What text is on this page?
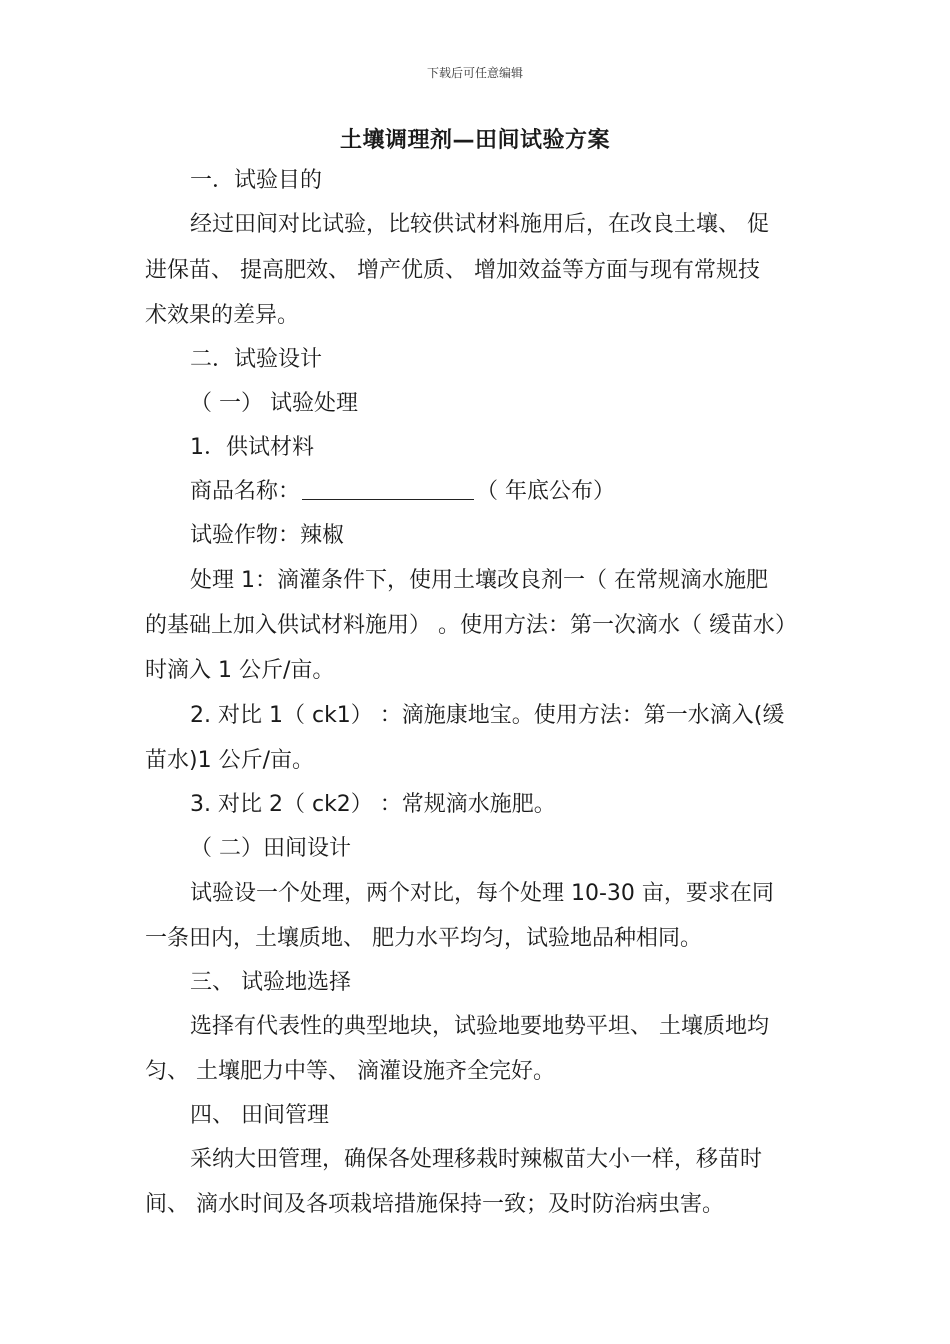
下载后可任意编辑
土壤调理剂—田间试验方案
一．试验目的
经过田间对比试验，比较供试材料施用后，在改良土壤、 促
进保苗、 提高肥效、 增产优质、 增加效益等方面与现有常规技
术效果的差异。
二．试验设计
（ 一） 试验处理
1．供试材料
商品名称：	（ 年底公布）
试验作物：辣椒
处理 1：滴灌条件下，使用土壤改良剂一（ 在常规滴水施肥
的基础上加入供试材料施用） 。使用方法：第一次滴水（ 缓苗水）
时滴入 1 公斤/亩。
2. 对比 1（ ck1） ：滴施康地宝。使用方法：第一水滴入(缓
苗水)1 公斤/亩。
3. 对比 2（ ck2） ：常规滴水施肥。
（ 二）田间设计
试验设一个处理，两个对比，每个处理 10-30 亩，要求在同
一条田内，土壤质地、 肥力水平均匀，试验地品种相同。
三、 试验地选择
选择有代表性的典型地块，试验地要地势平坦、 土壤质地均
匀、 土壤肥力中等、 滴灌设施齐全完好。
四、 田间管理
采纳大田管理，确保各处理移栽时辣椒苗大小一样，移苗时
间、 滴水时间及各项栽培措施保持一致；及时防治病虫害。
